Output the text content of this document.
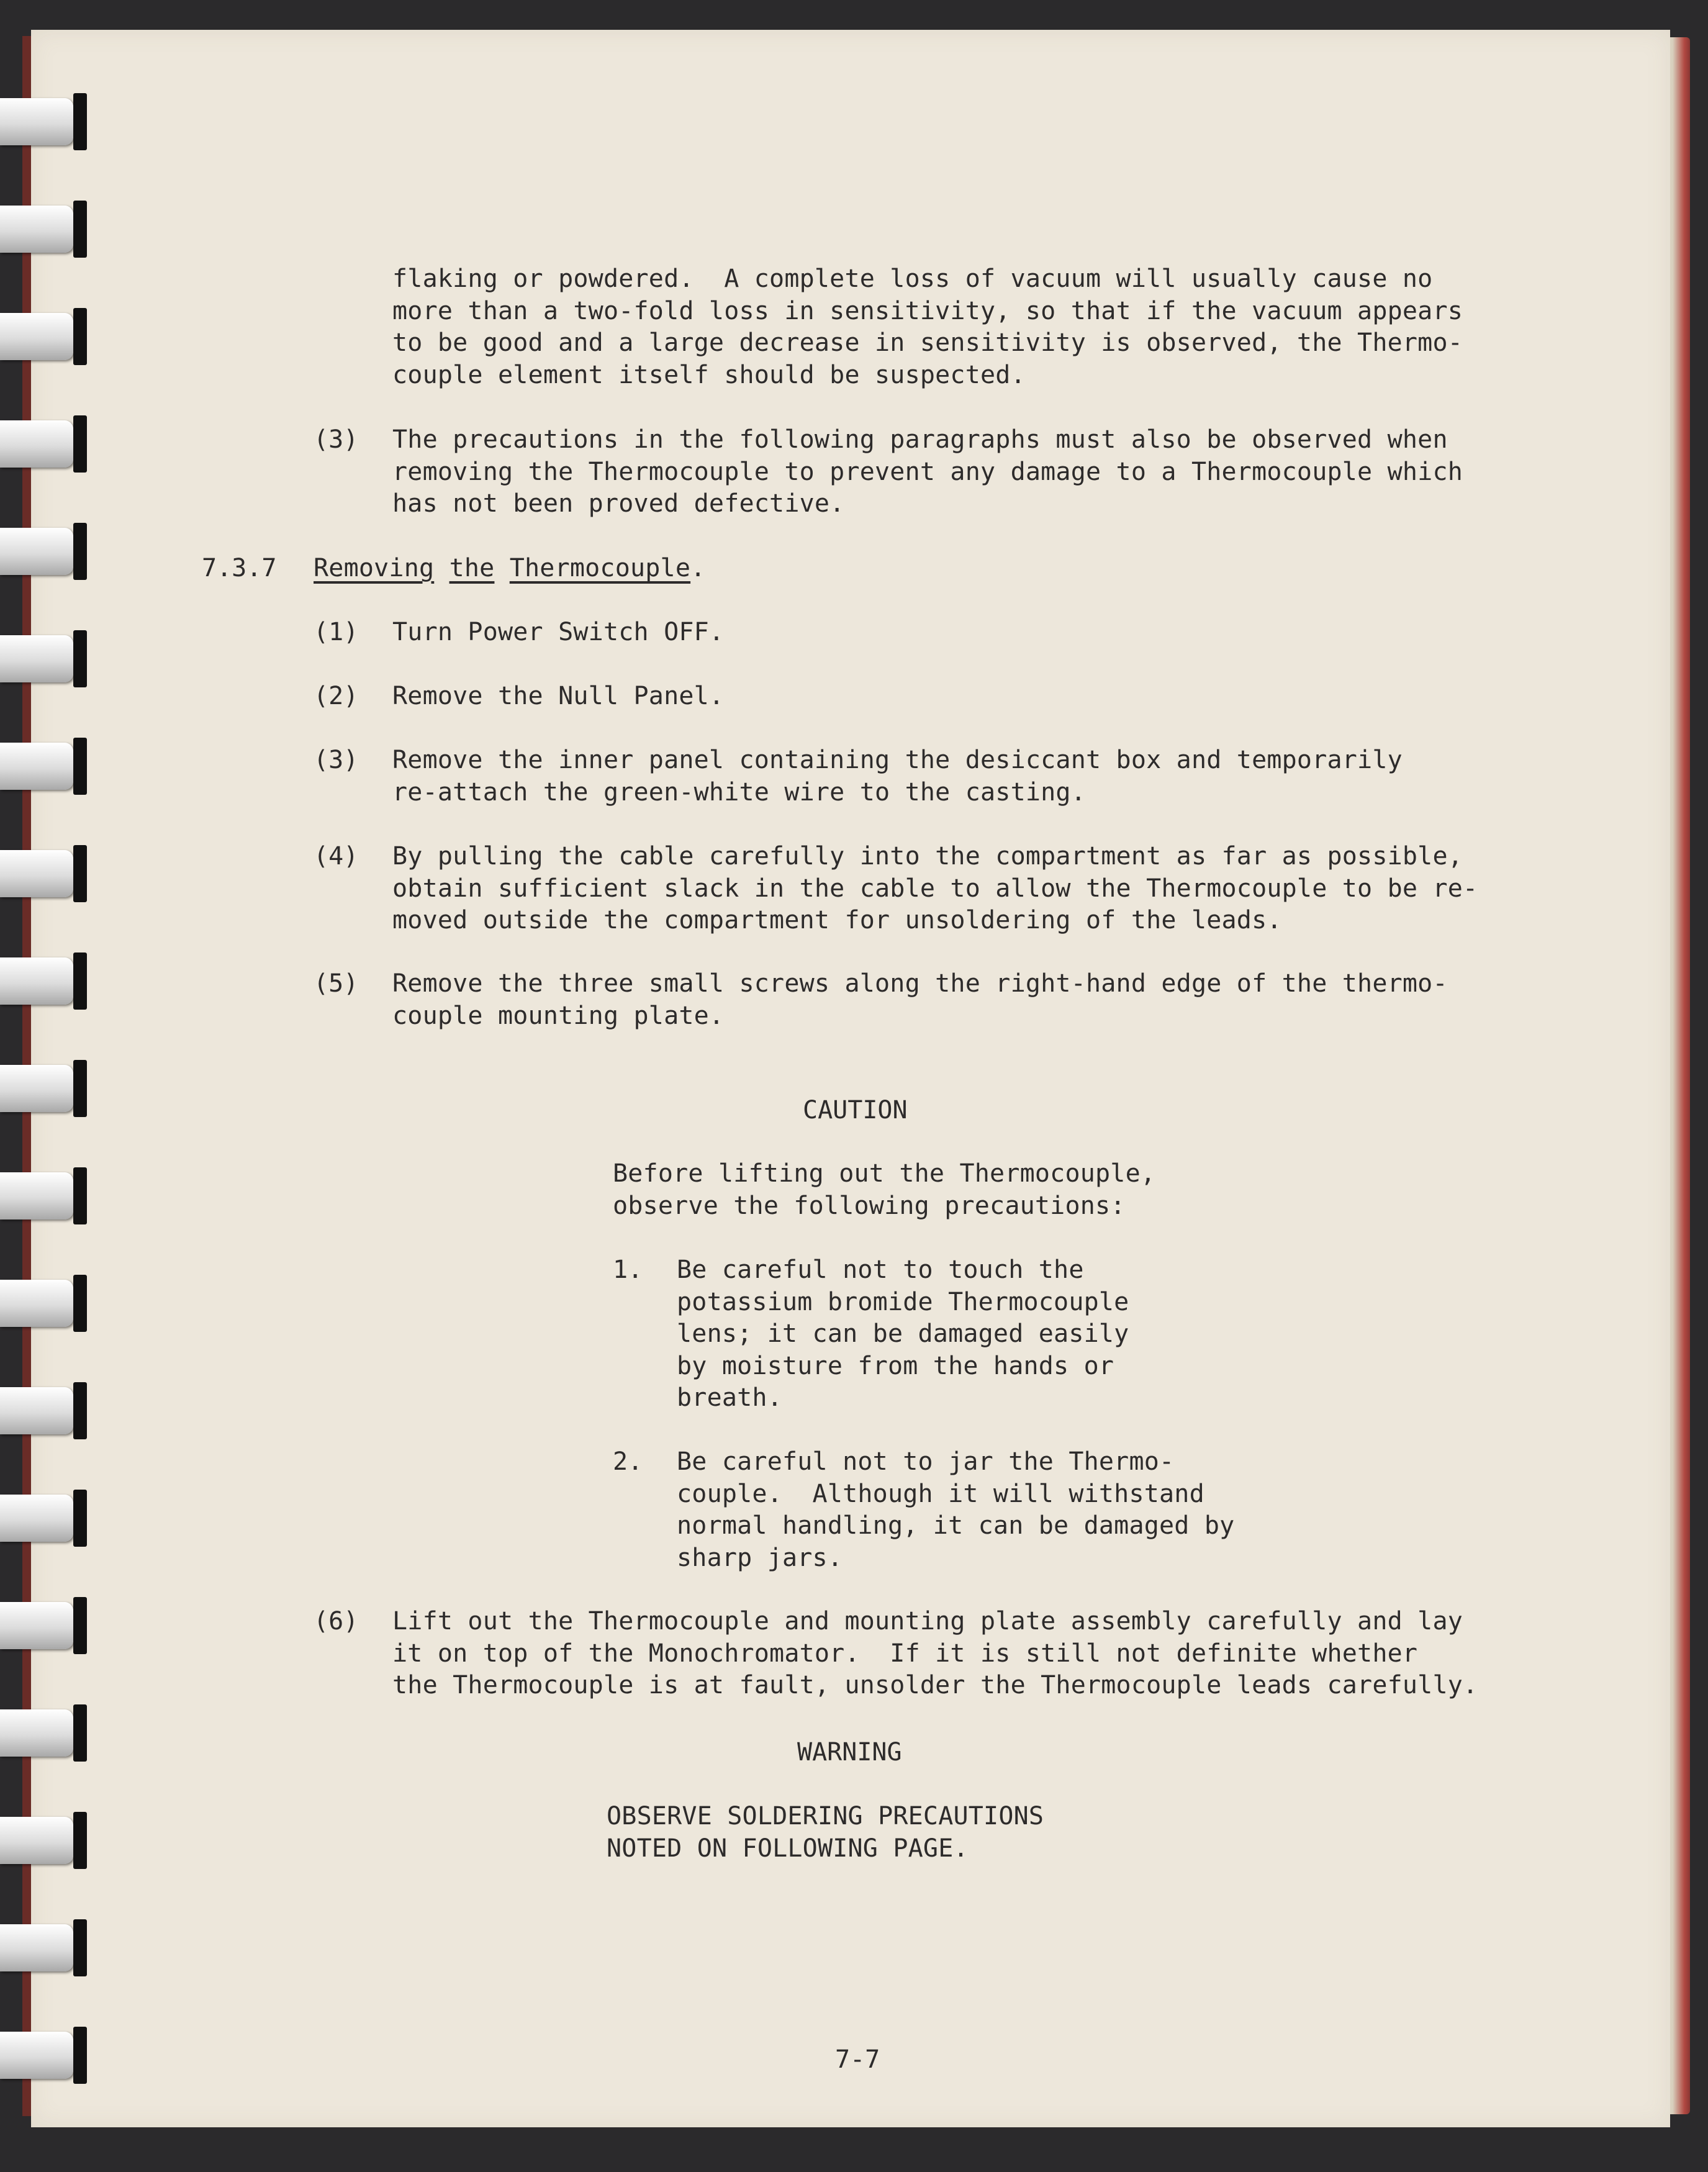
flaking or powdered.  A complete loss of vacuum will usually cause no
more than a two-fold loss in sensitivity, so that if the vacuum appears
to be good and a large decrease in sensitivity is observed, the Thermo-
couple element itself should be suspected.
(3) The precautions in the following paragraphs must also be observed when
removing the Thermocouple to prevent any damage to a Thermocouple which
has not been proved defective.
7.3.7 Removing the Thermocouple.
(1) Turn Power Switch OFF.
(2) Remove the Null Panel.
(3) Remove the inner panel containing the desiccant box and temporarily
re-attach the green-white wire to the casting.
(4) By pulling the cable carefully into the compartment as far as possible,
obtain sufficient slack in the cable to allow the Thermocouple to be re-
moved outside the compartment for unsoldering of the leads.
(5) Remove the three small screws along the right-hand edge of the thermo-
couple mounting plate.
CAUTION
Before lifting out the Thermocouple,
observe the following precautions:
1. Be careful not to touch the
potassium bromide Thermocouple
lens; it can be damaged easily
by moisture from the hands or
breath.
2. Be careful not to jar the Thermo-
couple.  Although it will withstand
normal handling, it can be damaged by
sharp jars.
(6) Lift out the Thermocouple and mounting plate assembly carefully and lay
it on top of the Monochromator.  If it is still not definite whether
the Thermocouple is at fault, unsolder the Thermocouple leads carefully.
WARNING
OBSERVE SOLDERING PRECAUTIONS
NOTED ON FOLLOWING PAGE.
7-7
